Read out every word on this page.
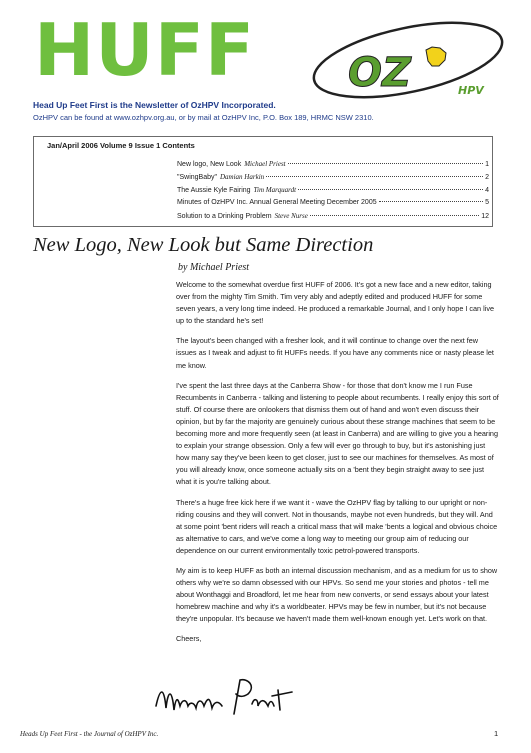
HUFF OZ	HPV

Head Up Feet First is the Newsletter of OzHPV Incorporated.

OzHPV can be found at www.ozhpv.org.au, or by mail at OzHPV Inc, P.O. Box 189, HRMC NSW 2310.

Jan/April 2006 Volume 9 Issue 1 Contents
New logo, New Look Michael Priest	1
"SwingBaby" Damian Harkin	2
The Aussie Kyle Fairing Tim Marquardt	4
Minutes of OzHPV Inc. Annual General Meeting December 2005	5
Solution to a Drinking Problem Steve Nurse	12
New Logo, New Look but Same Direction

by Michael Priest

Welcome to the somewhat overdue first HUFF of 2006. It's got a new face and a new editor, taking over from the mighty Tim Smith. Tim very ably and adeptly edited and produced HUFF for some seven years, a very long time indeed. He produced a remarkable Journal, and I only hope I can live up to the standard he's set!

The layout's been changed with a fresher look, and it will continue to change over the next few issues as I tweak and adjust to fit HUFFs needs. If you have any comments nice or nasty please let me know.

I've spent the last three days at the Canberra Show - for those that don't know me I run Fuse Recumbents in Canberra - talking and listening to people about recumbents. I really enjoy this sort of stuff. Of course there are onlookers that dismiss them out of hand and won't even discuss their opinion, but by far the majority are genuinely curious about these strange machines that seem to be becoming more and more frequently seen (at least in Canberra) and are willing to give you a hearing to explain your strange obsession. Only a few will ever go through to buy, but it's astonishing just how many say they've been keen to get closer, just to see our machines for themselves. As most of you will already know, once someone actually sits on a 'bent they begin straight away to see just what it is you're talking about.

There's a huge free kick here if we want it - wave the OzHPV flag by talking to our upright or non-riding cousins and they will convert. Not in thousands, maybe not even hundreds, but they will. And at some point 'bent riders will reach a critical mass that will make 'bents a logical and obvious choice as alternative to cars, and we've come a long way to meeting our group aim of reducing our dependence on our current environmentally toxic petrol-powered transports.

My aim is to keep HUFF as both an internal discussion mechanism, and as a medium for us to show others why we're so damn obsessed with our HPVs. So send me your stories and photos - tell me about Wonthaggi and Broadford, let me hear from new converts, or send essays about your latest homebrew machine and why it's a worldbeater. HPVs may be few in number, but it's not because they're unpopular. It's because we haven't made them well-known enough yet. Let's work on that.

Cheers,

Heads Up Feet First - the Journal of OzHPV Inc.	1
